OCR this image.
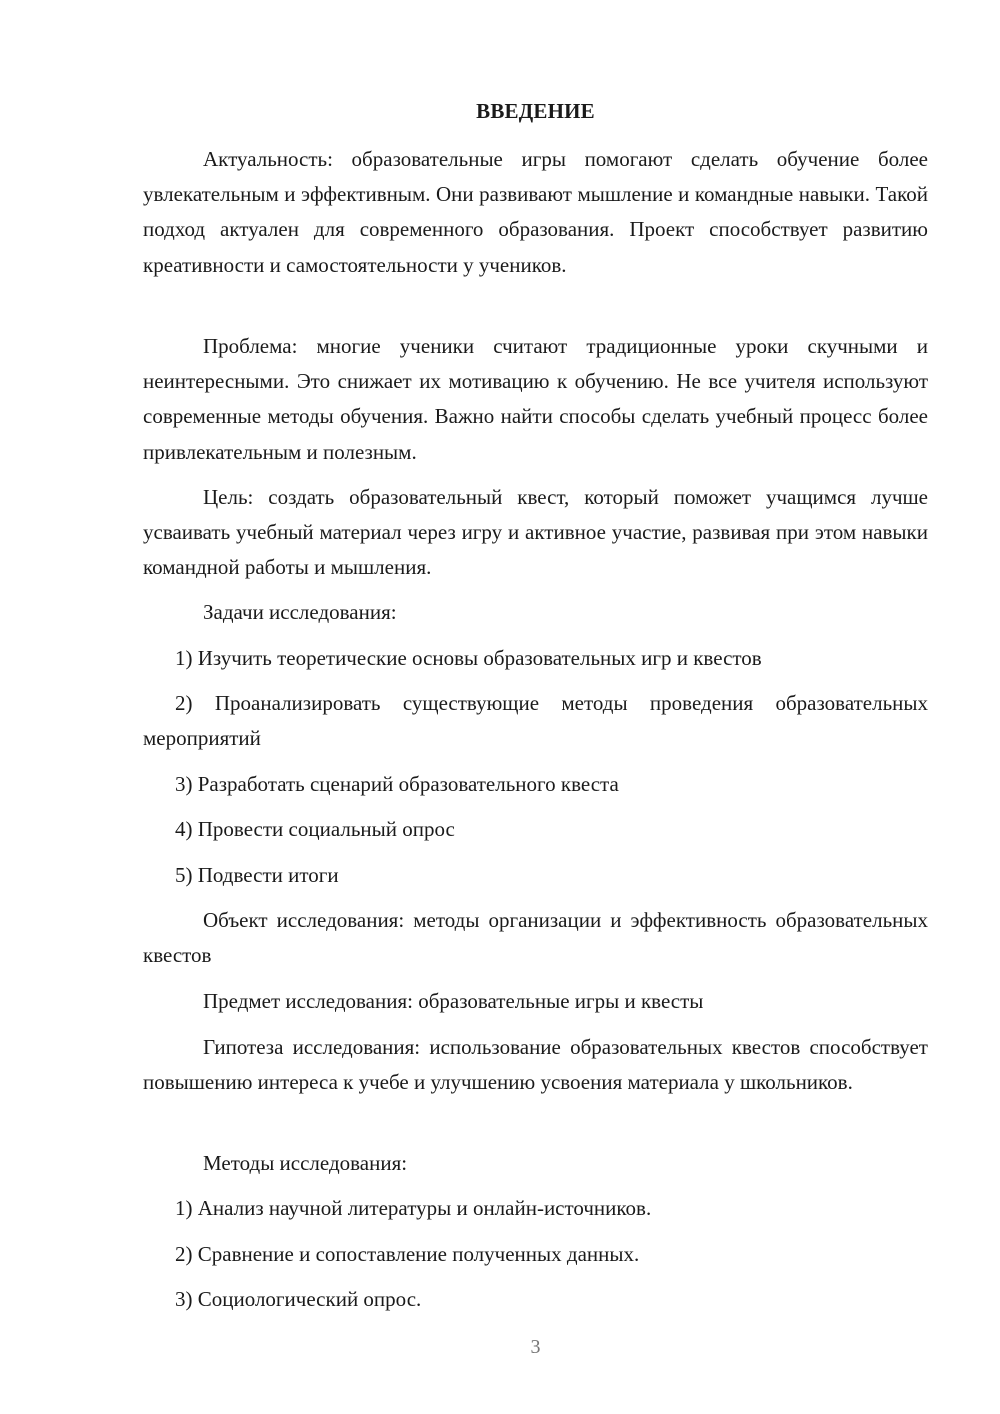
ВВЕДЕНИЕ

Актуальность: образовательные игры помогают сделать обучение более увлекательным и эффективным. Они развивают мышление и командные навыки. Такой подход актуален для современного образования. Проект способствует развитию креативности и самостоятельности у учеников.

Проблема: многие ученики считают традиционные уроки скучными и неинтересными. Это снижает их мотивацию к обучению. Не все учителя используют современные методы обучения. Важно найти способы сделать учебный процесс более привлекательным и полезным.

Цель: создать образовательный квест, который поможет учащимся лучше усваивать учебный материал через игру и активное участие, развивая при этом навыки командной работы и мышления.

Задачи исследования:

1) Изучить теоретические основы образовательных игр и квестов

2) Проанализировать существующие методы проведения образовательных мероприятий

3) Разработать сценарий образовательного квеста

4) Провести социальный опрос

5) Подвести итоги

Объект исследования: методы организации и эффективность образовательных квестов

Предмет исследования: образовательные игры и квесты

Гипотеза исследования: использование образовательных квестов способствует повышению интереса к учебе и улучшению усвоения материала у школьников.

Методы исследования:

1) Анализ научной литературы и онлайн-источников.

2) Сравнение и сопоставление полученных данных.

3) Социологический опрос.

3
